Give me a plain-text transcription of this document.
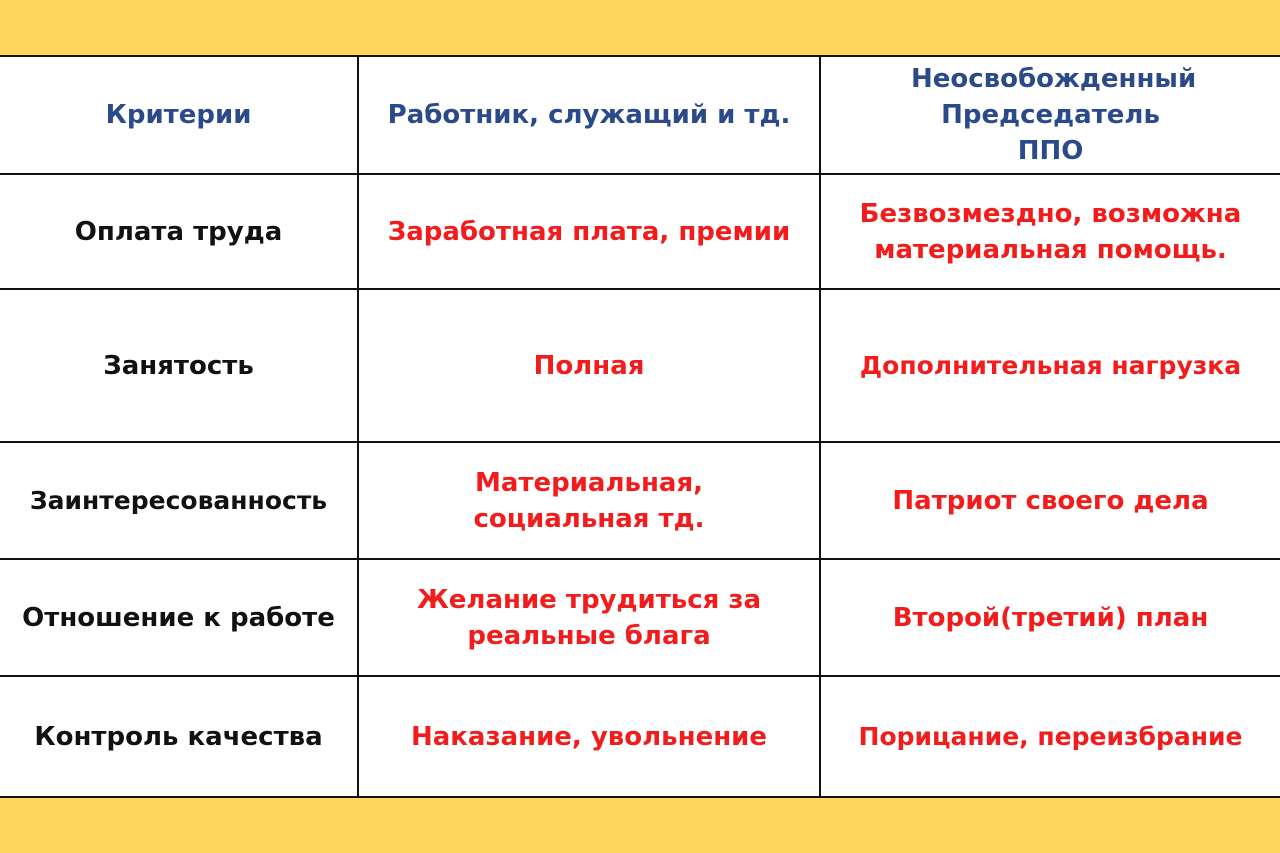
Критерии	Работник, служащий и тд.	Неосвобожденный Председатель ППО
Оплата труда	Заработная плата, премии	Безвозмездно, возможна материальная помощь.
Занятость	Полная	Дополнительная нагрузка
Заинтересованность	Материальная, социальная тд.	Патриот своего дела
Отношение к работе	Желание трудиться за реальные блага	Второй(третий) план
Контроль качества	Наказание, увольнение	Порицание, переизбрание
